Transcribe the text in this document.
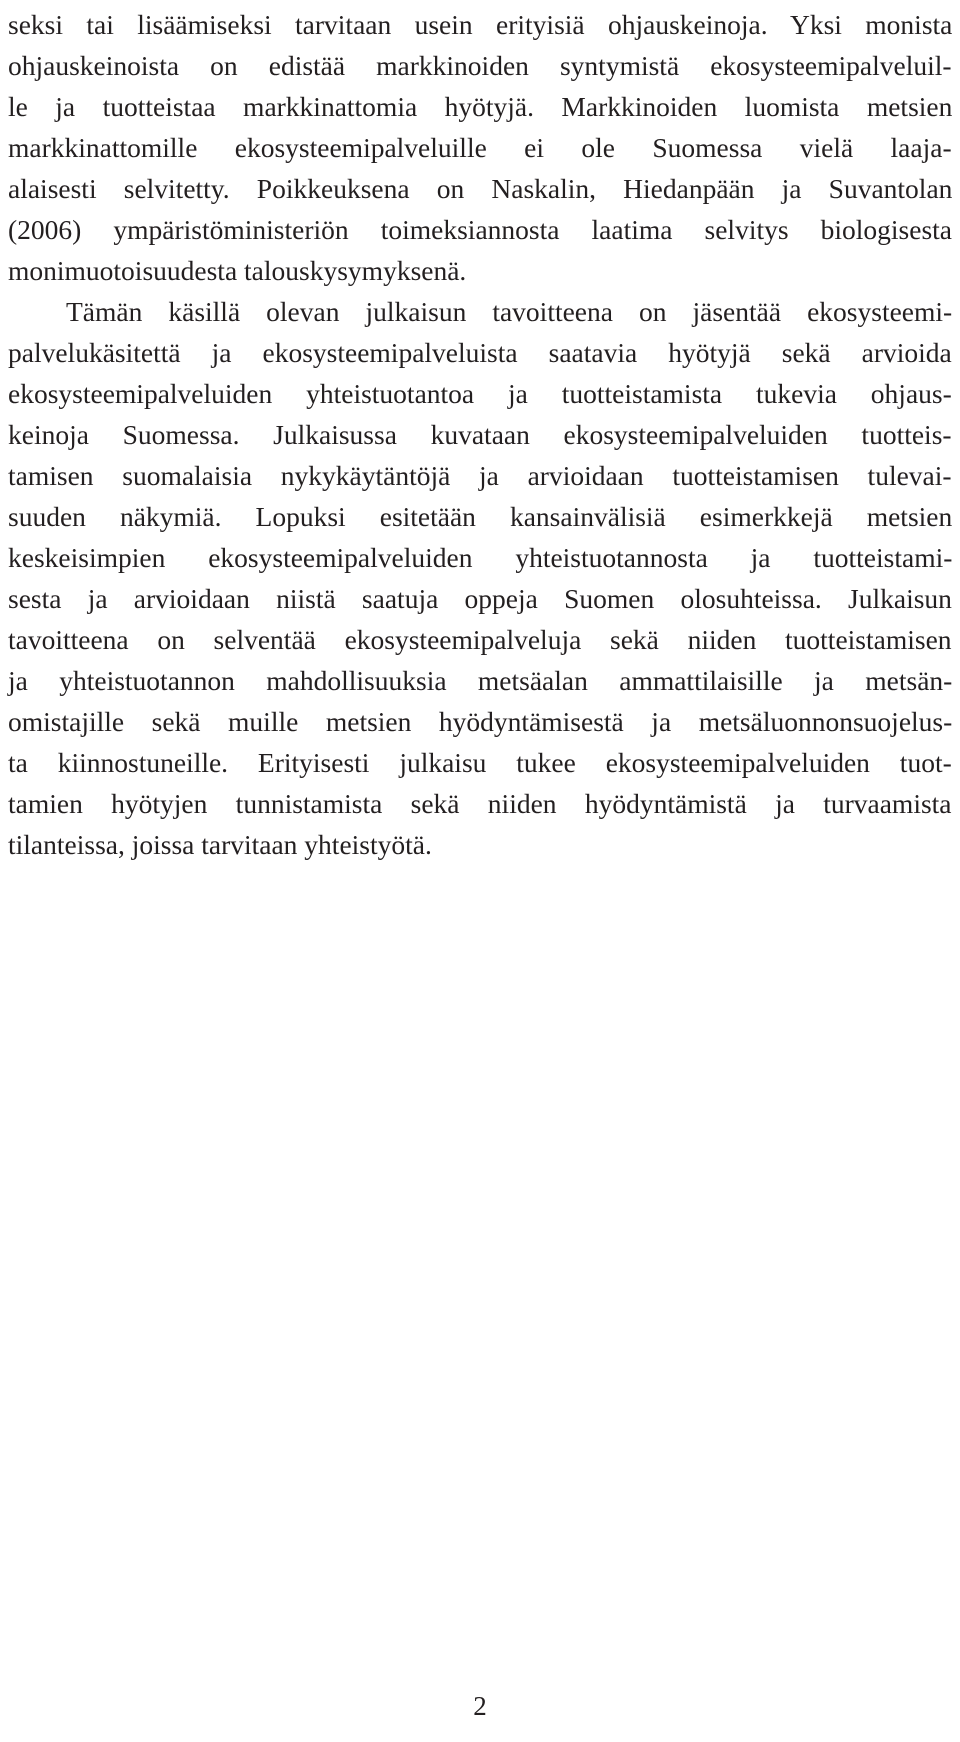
seksi tai lisäämiseksi tarvitaan usein erityisiä ohjauskeinoja. Yksi monista
ohjauskeinoista on edistää markkinoiden syntymistä ekosysteemipalveluil-
le ja tuotteistaa markkinattomia hyötyjä. Markkinoiden luomista metsien
markkinattomille ekosysteemipalveluille ei ole Suomessa vielä laaja-
alaisesti selvitetty. Poikkeuksena on Naskalin, Hiedanpään ja Suvantolan
(2006) ympäristöministeriön toimeksiannosta laatima selvitys biologisesta
monimuotoisuudesta talouskysymyksenä.
Tämän käsillä olevan julkaisun tavoitteena on jäsentää ekosysteemi-
palvelukäsitettä ja ekosysteemipalveluista saatavia hyötyjä sekä arvioida
ekosysteemipalveluiden yhteistuotantoa ja tuotteistamista tukevia ohjaus-
keinoja Suomessa. Julkaisussa kuvataan ekosysteemipalveluiden tuotteis-
tamisen suomalaisia nykykäytäntöjä ja arvioidaan tuotteistamisen tulevai-
suuden näkymiä. Lopuksi esitetään kansainvälisiä esimerkkejä metsien
keskeisimpien ekosysteemipalveluiden yhteistuotannosta ja tuotteistami-
sesta ja arvioidaan niistä saatuja oppeja Suomen olosuhteissa. Julkaisun
tavoitteena on selventää ekosysteemipalveluja sekä niiden tuotteistamisen
ja yhteistuotannon mahdollisuuksia metsäalan ammattilaisille ja metsän-
omistajille sekä muille metsien hyödyntämisestä ja metsäluonnonsuojelus-
ta kiinnostuneille. Erityisesti julkaisu tukee ekosysteemipalveluiden tuot-
tamien hyötyjen tunnistamista sekä niiden hyödyntämistä ja turvaamista
tilanteissa, joissa tarvitaan yhteistyötä.
2
